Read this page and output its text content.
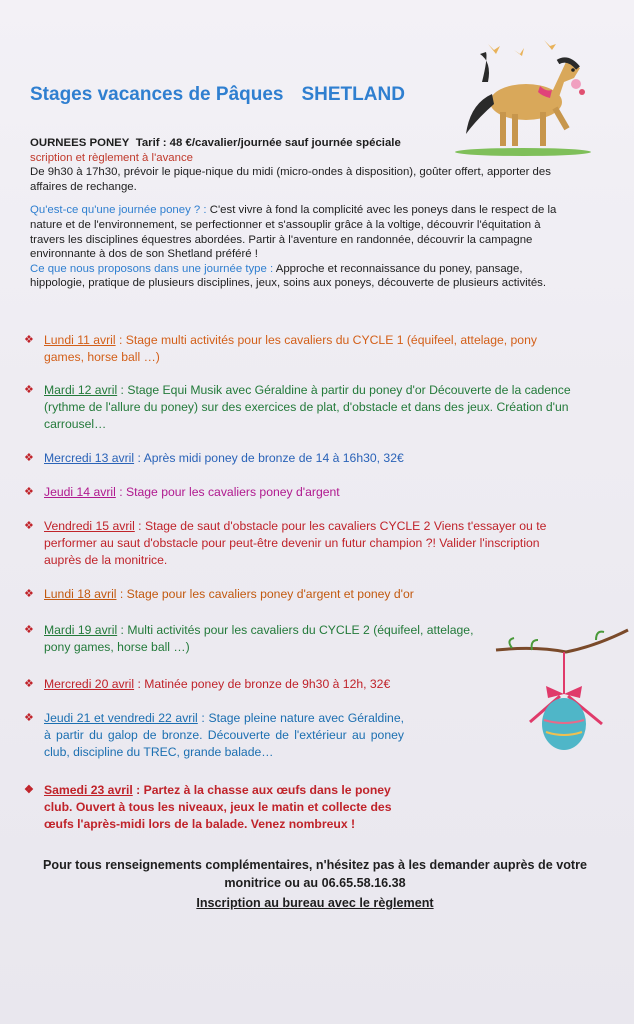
Stages vacances de Pâques SHETLAND

OURNEES PONEY Tarif : 48 €/cavalier/journée sauf journée spéciale

scription et règlement à l'avance

De 9h30 à 17h30, prévoir le pique-nique du midi (micro-ondes à disposition), goûter offert, apporter des affaires de rechange.

Qu'est-ce qu'une journée poney ? : C'est vivre à fond la complicité avec les poneys dans le respect de la nature et de l'environnement, se perfectionner et s'assouplir grâce à la voltige, découvrir l'équitation à travers les disciplines équestres abordées. Partir à l'aventure en randonnée, découvrir la campagne environnante à dos de son Shetland préféré !

Ce que nous proposons dans une journée type : Approche et reconnaissance du poney, pansage, hippologie, pratique de plusieurs disciplines, jeux, soins aux poneys, découverte de plusieurs activités.

❖ Lundi 11 avril : Stage multi activités pour les cavaliers du CYCLE 1 (équifeel, attelage, pony games, horse ball …)
❖ Mardi 12 avril : Stage Equi Musik avec Géraldine à partir du poney d'or Découverte de la cadence (rythme de l'allure du poney) sur des exercices de plat, d'obstacle et dans des jeux. Création d'un carrousel…
❖ Mercredi 13 avril : Après midi poney de bronze de 14 à 16h30, 32€
❖ Jeudi 14 avril : Stage pour les cavaliers poney d'argent
❖ Vendredi 15 avril : Stage de saut d'obstacle pour les cavaliers CYCLE 2 Viens t'essayer ou te performer au saut d'obstacle pour peut-être devenir un futur champion ?! Valider l'inscription auprès de la monitrice.
❖ Lundi 18 avril : Stage pour les cavaliers poney d'argent et poney d'or
❖ Mardi 19 avril : Multi activités pour les cavaliers du CYCLE 2 (équifeel, attelage, pony games, horse ball …)
❖ Mercredi 20 avril : Matinée poney de bronze de 9h30 à 12h, 32€
❖ Jeudi 21 et vendredi 22 avril : Stage pleine nature avec Géraldine, à partir du galop de bronze. Découverte de l'extérieur au poney club, discipline du TREC, grande balade…
❖ Samedi 23 avril : Partez à la chasse aux œufs dans le poney club. Ouvert à tous les niveaux, jeux le matin et collecte des œufs l'après-midi lors de la balade. Venez nombreux !
Pour tous renseignements complémentaires, n'hésitez pas à les demander auprès de votre monitrice ou au 06.65.58.16.38
Inscription au bureau avec le règlement
